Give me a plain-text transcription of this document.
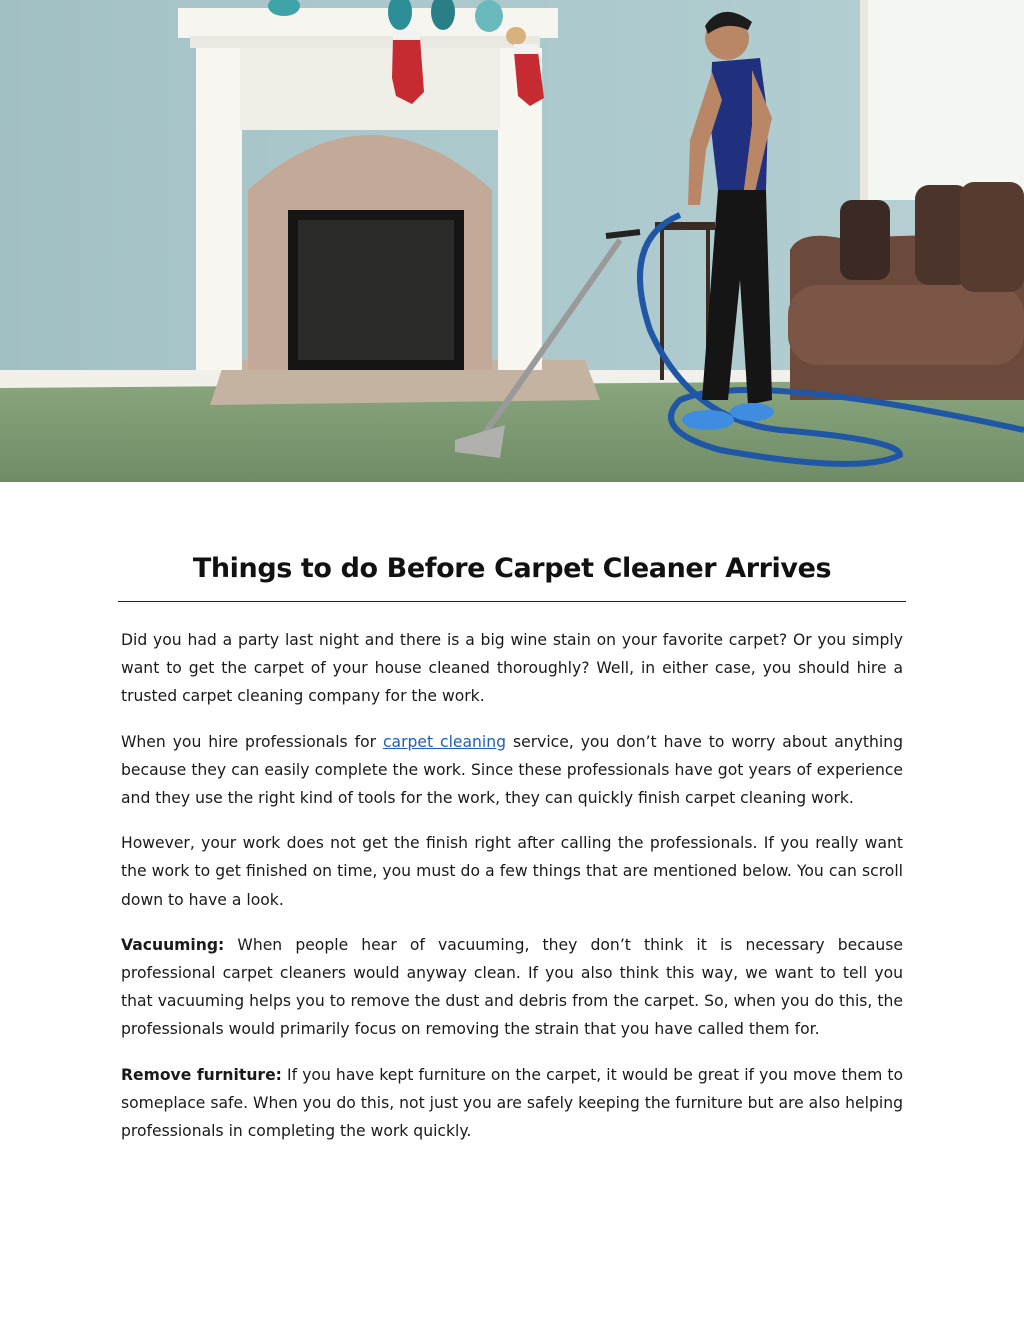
Things to do Before Carpet Cleaner Arrives

Did you had a party last night and there is a big wine stain on your favorite carpet? Or you simply want to get the carpet of your house cleaned thoroughly? Well, in either case, you should hire a trusted carpet cleaning company for the work.

When you hire professionals for carpet cleaning service, you don’t have to worry about anything because they can easily complete the work. Since these professionals have got years of experience and they use the right kind of tools for the work, they can quickly finish carpet cleaning work.

However, your work does not get the finish right after calling the professionals. If you really want the work to get finished on time, you must do a few things that are mentioned below. You can scroll down to have a look.

Vacuuming: When people hear of vacuuming, they don’t think it is necessary because professional carpet cleaners would anyway clean. If you also think this way, we want to tell you that vacuuming helps you to remove the dust and debris from the carpet. So, when you do this, the professionals would primarily focus on removing the strain that you have called them for.

Remove furniture: If you have kept furniture on the carpet, it would be great if you move them to someplace safe. When you do this, not just you are safely keeping the furniture but are also helping professionals in completing the work quickly.
